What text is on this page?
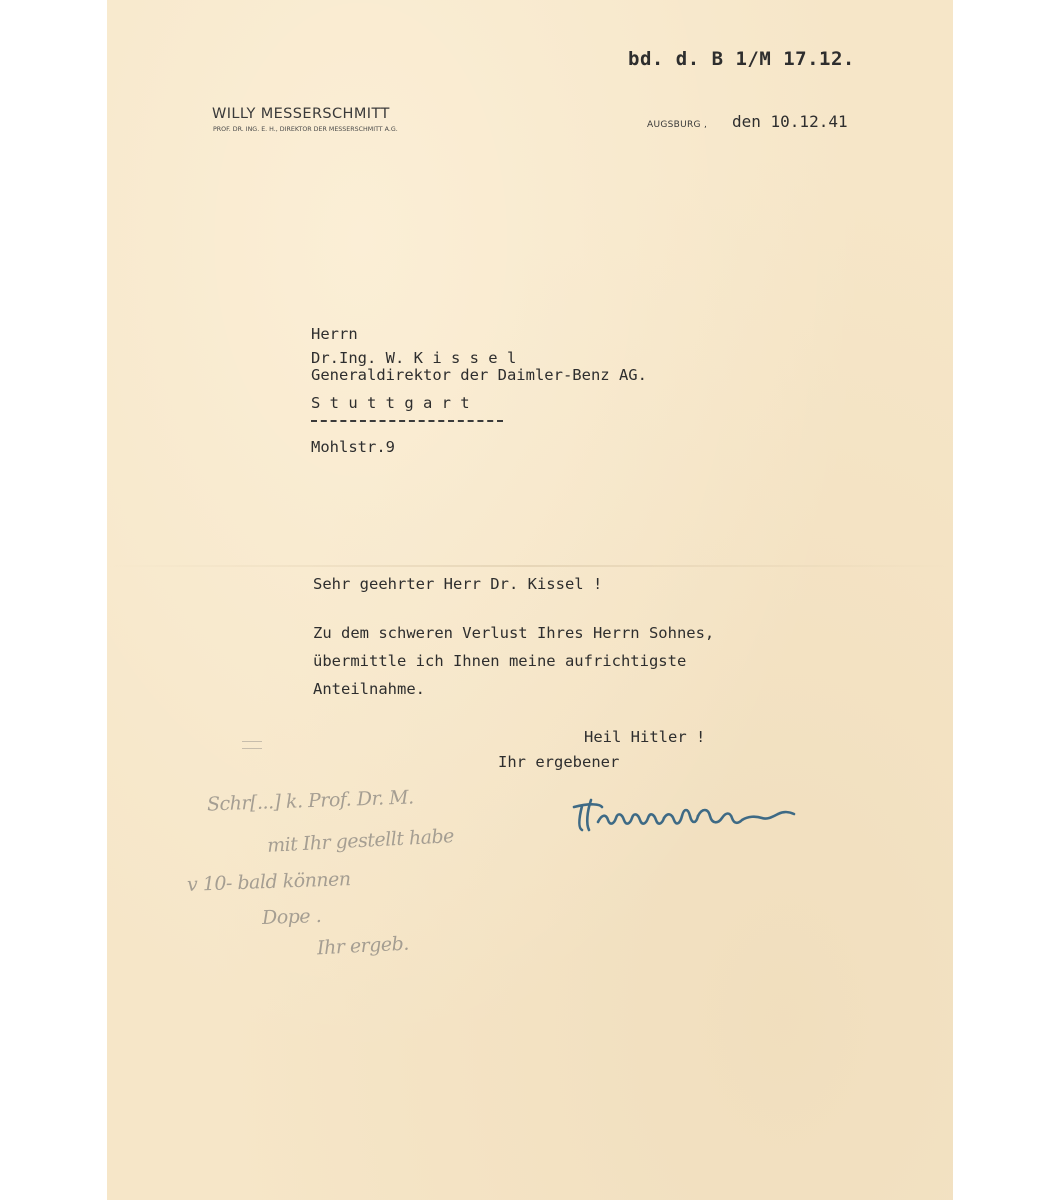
bd. d. B 1/M 17.12.
WILLY MESSERSCHMITT
PROF. DR. ING. E. H., DIREKTOR DER MESSERSCHMITT A.G.	AUGSBURG , den 10.12.41
Herrn
Dr.Ing. W. K i s s e l
Generaldirektor der Daimler-Benz AG.
S t u t t g a r t
Mohlstr.9
Sehr geehrter Herr Dr. Kissel !
Zu dem schweren Verlust Ihres Herrn Sohnes,
übermittle ich Ihnen meine aufrichtigste
Anteilnahme.
Heil Hitler !
Ihr ergebener
Schr[...] k. Prof. Dr. M.
mit Ihr gestellt habe
v 10- bald können
Dope .
Ihr ergeb.
